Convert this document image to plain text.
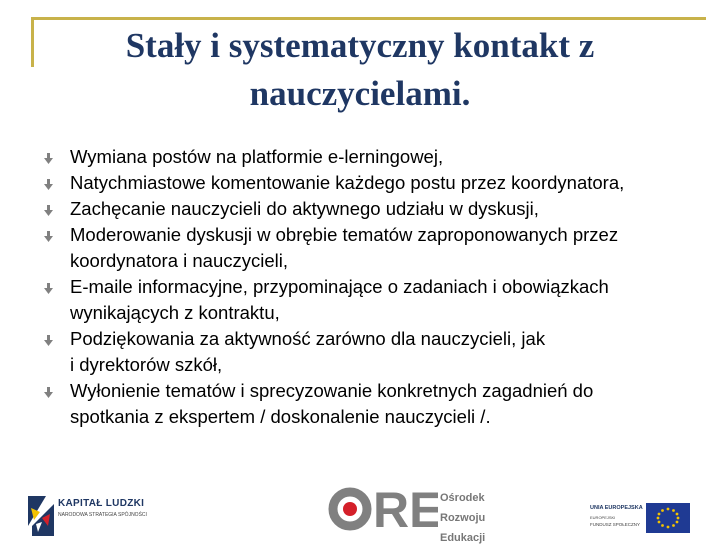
Stały i systematyczny kontakt z
nauczycielami.
Wymiana postów na platformie e-lerningowej,
Natychmiastowe komentowanie każdego postu przez koordynatora,
Zachęcanie nauczycieli do aktywnego udziału w dyskusji,
Moderowanie dyskusji w obrębie tematów zaproponowanych przez
koordynatora i nauczycieli,
E-maile informacyjne, przypominające o zadaniach i obowiązkach
wynikających z kontraktu,
Podziękowania za aktywność zarówno dla nauczycieli, jak
i dyrektorów szkół,
Wyłonienie tematów i sprecyzowanie konkretnych zagadnień do
spotkania z ekspertem / doskonalenie nauczycieli /.
KAPITAŁ LUDZKI
NARODOWA STRATEGIA SPÓJNOŚCI	RE
Ośrodek
Rozwoju
Edukacji
UNIA EUROPEJSKA
EUROPEJSKI
FUNDUSZ SPOŁECZNY
